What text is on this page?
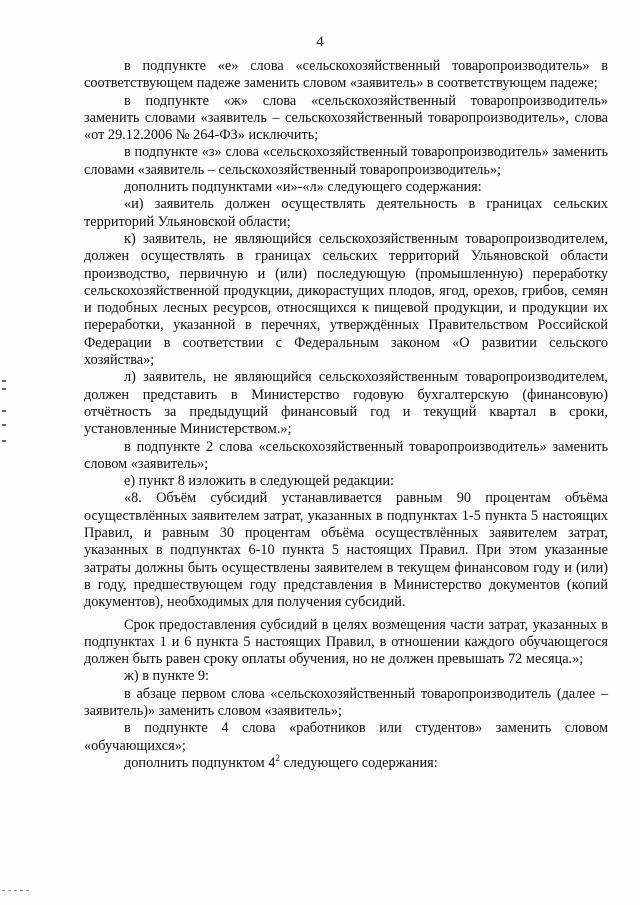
4

в подпункте «е» слова «сельскохозяйственный товаропроизводитель» в соответствующем падеже заменить словом «заявитель» в соответствующем падеже;

в подпункте «ж» слова «сельскохозяйственный товаропроизводитель» заменить словами «заявитель – сельскохозяйственный товаропроизводитель», слова «от 29.12.2006 № 264-ФЗ» исключить;

в подпункте «з» слова «сельскохозяйственный товаропроизводитель» заменить словами «заявитель – сельскохозяйственный товаропроизводитель»;

дополнить подпунктами «и»-«л» следующего содержания:

«и) заявитель должен осуществлять деятельность в границах сельских территорий Ульяновской области;

к) заявитель, не являющийся сельскохозяйственным товаропроизводителем, должен осуществлять в границах сельских территорий Ульяновской области производство, первичную и (или) последующую (промышленную) переработку сельскохозяйственной продукции, дикорастущих плодов, ягод, орехов, грибов, семян и подобных лесных ресурсов, относящихся к пищевой продукции, и продукции их переработки, указанной в перечнях, утверждённых Правительством Российской Федерации в соответствии с Федеральным законом «О развитии сельского хозяйства»;

л) заявитель, не являющийся сельскохозяйственным товаропроизводителем, должен представить в Министерство годовую бухгалтерскую (финансовую) отчётность за предыдущий финансовый год и текущий квартал в сроки, установленные Министерством.»;

в подпункте 2 слова «сельскохозяйственный товаропроизводитель» заменить словом «заявитель»;

е) пункт 8 изложить в следующей редакции:

«8. Объём субсидий устанавливается равным 90 процентам объёма осуществлённых заявителем затрат, указанных в подпунктах 1-5 пункта 5 настоящих Правил, и равным 30 процентам объёма осуществлённых заявителем затрат, указанных в подпунктах 6-10 пункта 5 настоящих Правил. При этом указанные затраты должны быть осуществлены заявителем в текущем финансовом году и (или) в году, предшествующем году представления в Министерство документов (копий документов), необходимых для получения субсидий.

Срок предоставления субсидий в целях возмещения части затрат, указанных в подпунктах 1 и 6 пункта 5 настоящих Правил, в отношении каждого обучающегося должен быть равен сроку оплаты обучения, но не должен превышать 72 месяца.»;

ж) в пункте 9:

в абзаце первом слова «сельскохозяйственный товаропроизводитель (далее – заявитель)» заменить словом «заявитель»;

в подпункте 4 слова «работников или студентов» заменить словом «обучающихся»;

дополнить подпунктом $4^2$ следующего содержания:
